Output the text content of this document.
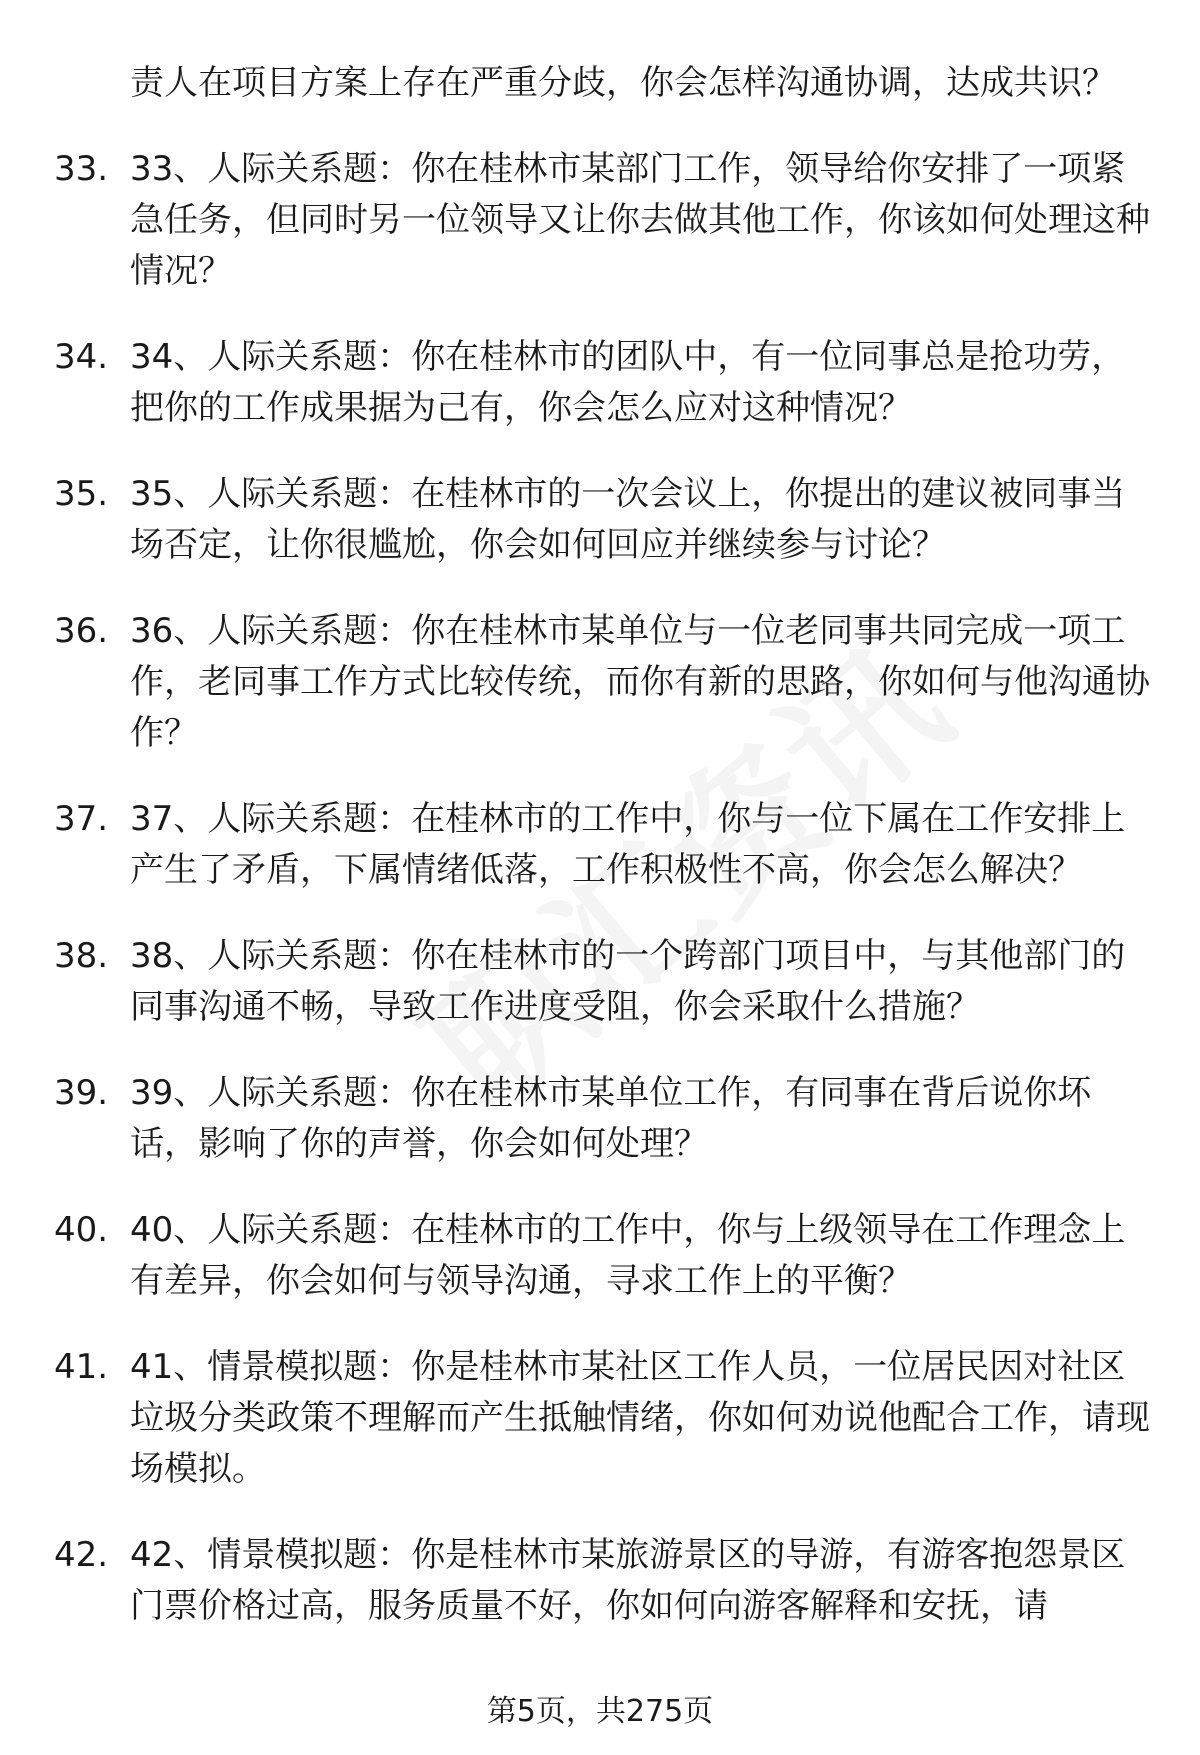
责人在项目方案上存在严重分歧，你会怎样沟通协调，达成共识？
33. 33、人际关系题：你在桂林市某部门工作，领导给你安排了一项紧急任务，但同时另一位领导又让你去做其他工作，你该如何处理这种情况？
34. 34、人际关系题：你在桂林市的团队中，有一位同事总是抢功劳，把你的工作成果据为己有，你会怎么应对这种情况？
35. 35、人际关系题：在桂林市的一次会议上，你提出的建议被同事当场否定，让你很尴尬，你会如何回应并继续参与讨论？
36. 36、人际关系题：你在桂林市某单位与一位老同事共同完成一项工作，老同事工作方式比较传统，而你有新的思路，你如何与他沟通协作？
37. 37、人际关系题：在桂林市的工作中，你与一位下属在工作安排上产生了矛盾，下属情绪低落，工作积极性不高，你会怎么解决？
38. 38、人际关系题：你在桂林市的一个跨部门项目中，与其他部门的同事沟通不畅，导致工作进度受阻，你会采取什么措施？
39. 39、人际关系题：你在桂林市某单位工作，有同事在背后说你坏话，影响了你的声誉，你会如何处理？
40. 40、人际关系题：在桂林市的工作中，你与上级领导在工作理念上有差异，你会如何与领导沟通，寻求工作上的平衡？
41. 41、情景模拟题：你是桂林市某社区工作人员，一位居民因对社区垃圾分类政策不理解而产生抵触情绪，你如何劝说他配合工作，请现场模拟。
42. 42、情景模拟题：你是桂林市某旅游景区的导游，有游客抱怨景区门票价格过高，服务质量不好，你如何向游客解释和安抚，请
第5页，共275页
